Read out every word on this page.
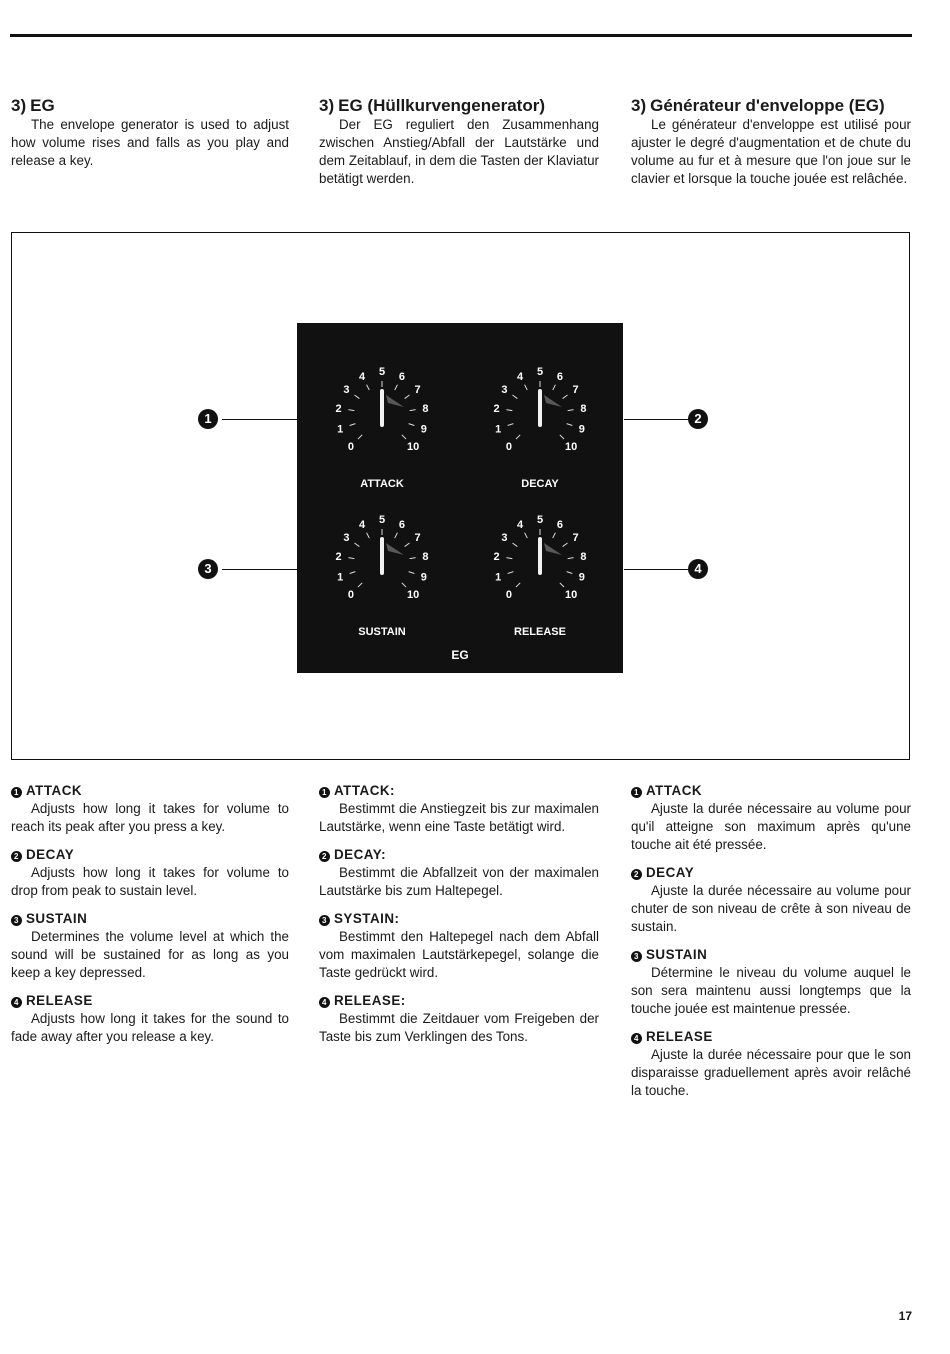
3) EG
The envelope generator is used to adjust how volume rises and falls as you play and release a key.
3) EG (Hüllkurvengenerator)
Der EG reguliert den Zusammenhang zwischen Anstieg/Abfall der Lautstärke und dem Zeitablauf, in dem die Tasten der Klaviatur betätigt werden.
3) Générateur d'enveloppe (EG)
Le générateur d'enveloppe est utilisé pour ajuster le degré d'augmentation et de chute du volume au fur et à mesure que l'on joue sur le clavier et lorsque la touche jouée est relâchée.
0
1
2
3
4 5 6
7
8
9
10
ATTACK
0
1
2
3
4 5 6
7
8
9
10
DECAY
0
1
2
3
4 5 6
7
8
9
10
SUSTAIN
0
1
2
3
4 5 6
7
8
9
10
RELEASE
EG
1
3
2
4
1 ATTACK
Adjusts how long it takes for volume to reach its peak after you press a key.
2 DECAY
Adjusts how long it takes for volume to drop from peak to sustain level.
3 SUSTAIN
Determines the volume level at which the sound will be sustained for as long as you keep a key depressed.
4 RELEASE
Adjusts how long it takes for the sound to fade away after you release a key.
1 ATTACK:
Bestimmt die Anstiegzeit bis zur maximalen Lautstärke, wenn eine Taste betätigt wird.
2 DECAY:
Bestimmt die Abfallzeit von der maximalen Lautstärke bis zum Haltepegel.
3 SYSTAIN:
Bestimmt den Haltepegel nach dem Abfall vom maximalen Lautstärkepegel, solange die Taste gedrückt wird.
4 RELEASE:
Bestimmt die Zeitdauer vom Freigeben der Taste bis zum Verklingen des Tons.
1 ATTACK
Ajuste la durée nécessaire au volume pour qu'il atteigne son maximum après qu'une touche ait été pressée.
2 DECAY
Ajuste la durée nécessaire au volume pour chuter de son niveau de crête à son niveau de sustain.
3 SUSTAIN
Détermine le niveau du volume auquel le son sera maintenu aussi longtemps que la touche jouée est maintenue pressée.
4 RELEASE
Ajuste la durée nécessaire pour que le son disparaisse graduellement après avoir relâché la touche.
17
